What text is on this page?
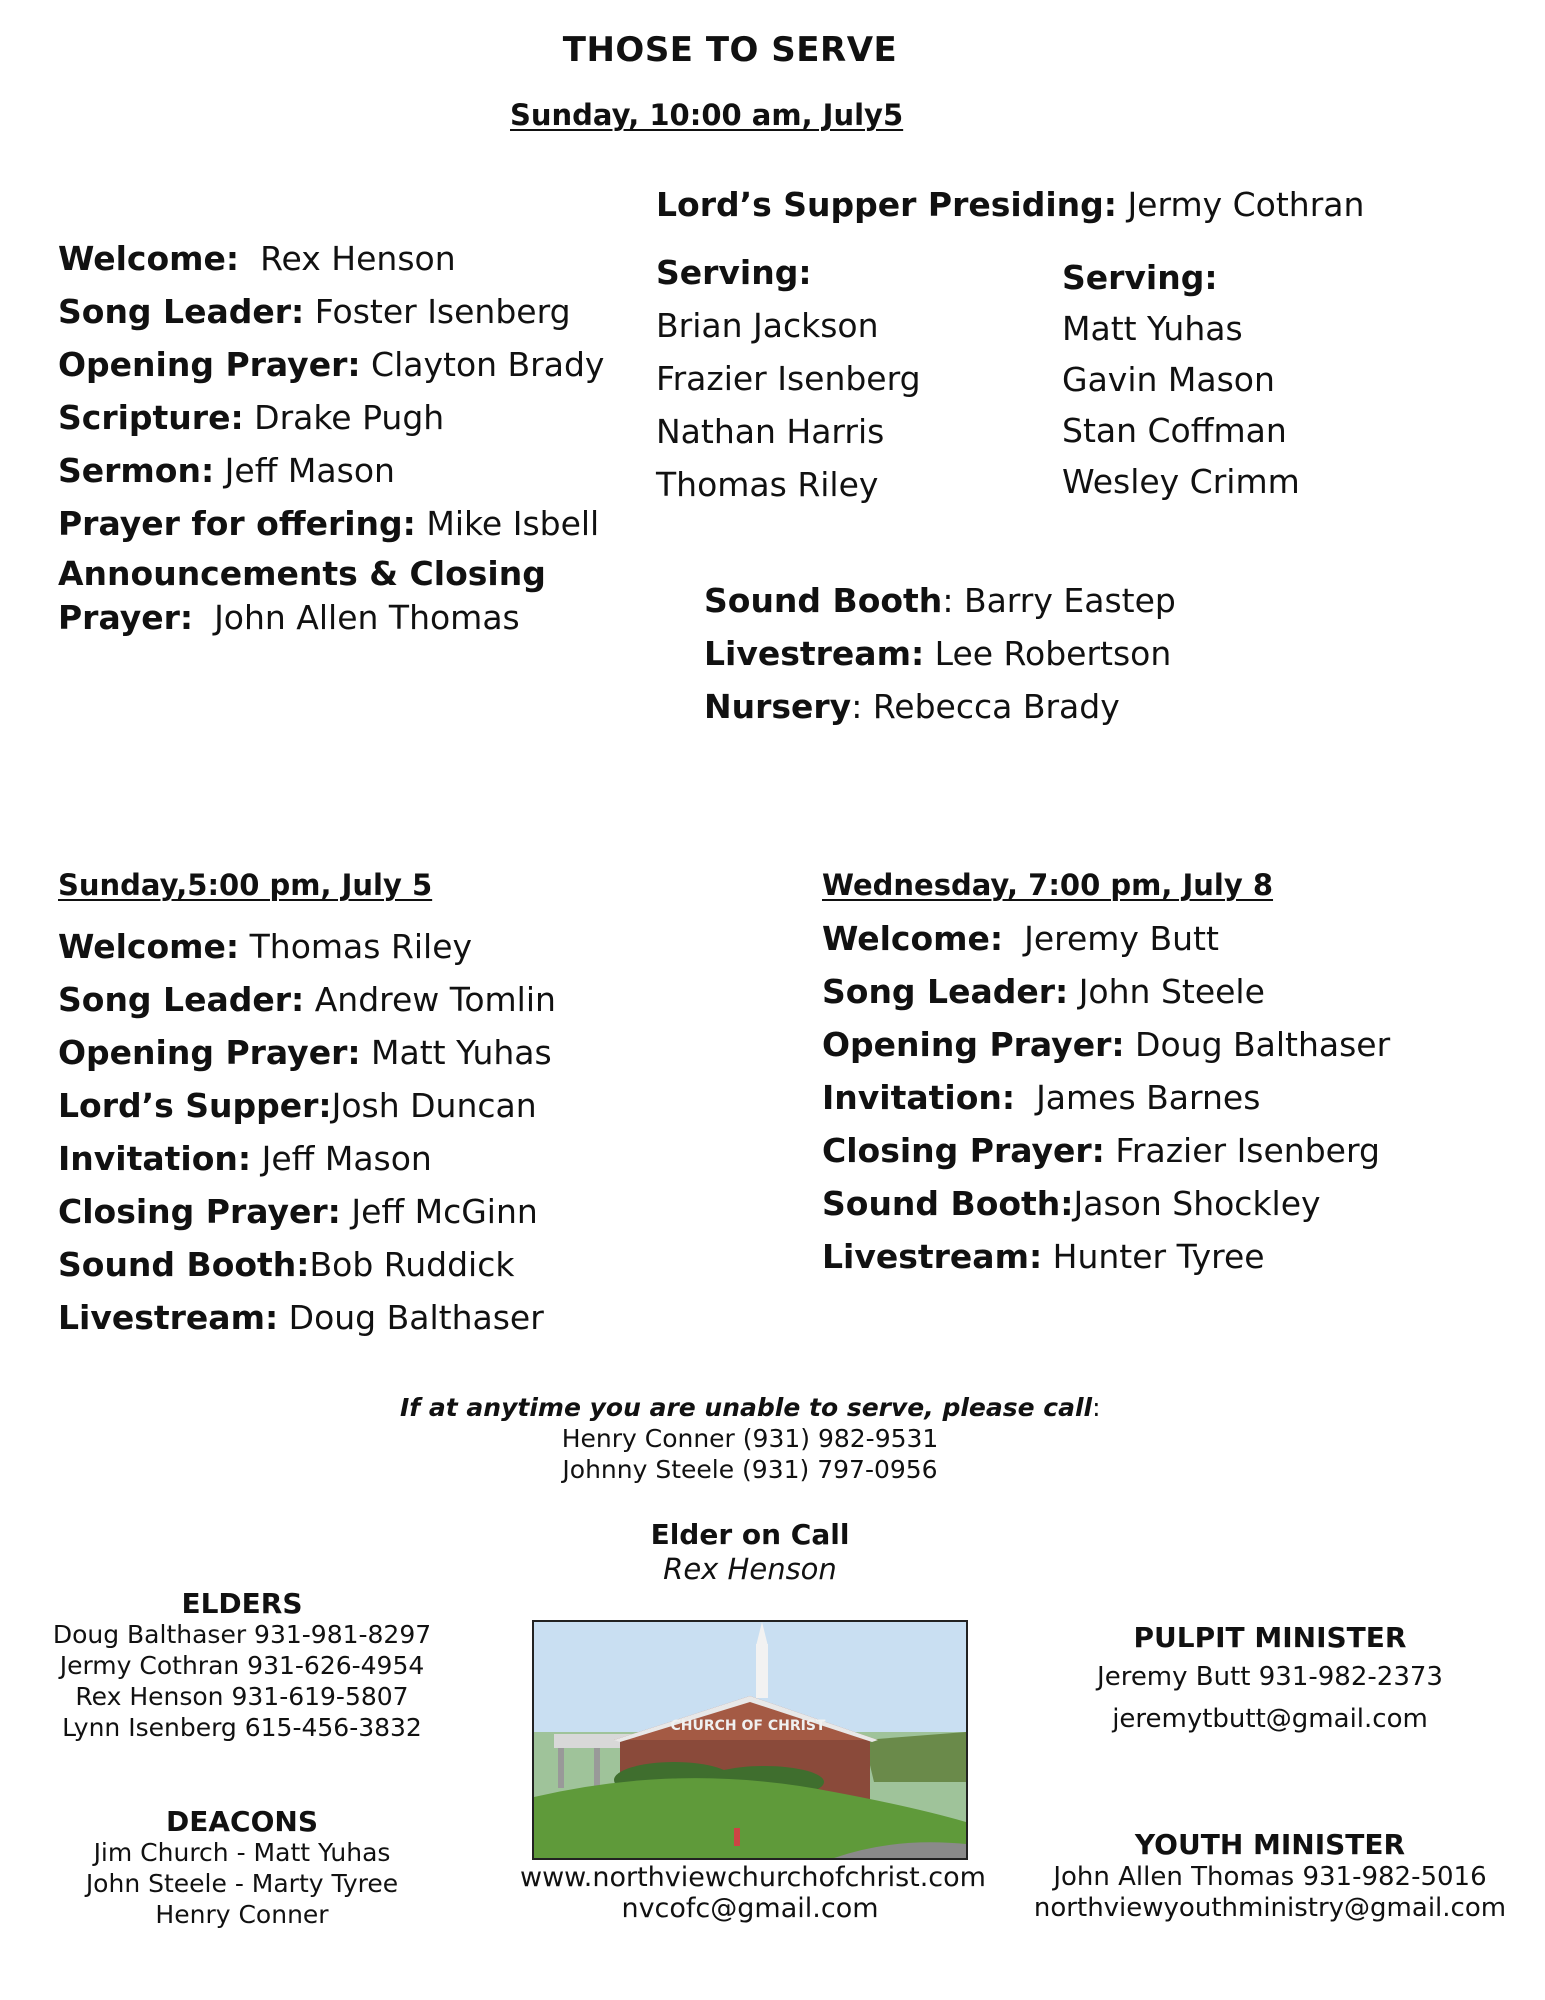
THOSE TO SERVE
Sunday, 10:00 am, July5
Welcome: Rex Henson
Song Leader: Foster Isenberg
Opening Prayer: Clayton Brady
Scripture: Drake Pugh
Sermon: Jeff Mason
Prayer for offering: Mike Isbell
Announcements & Closing
Prayer: John Allen Thomas
Lord’s Supper Presiding: Jermy Cothran
Serving:
Brian Jackson
Frazier Isenberg
Nathan Harris
Thomas Riley
Serving:
Matt Yuhas
Gavin Mason
Stan Coffman
Wesley Crimm
Sound Booth: Barry Eastep
Livestream: Lee Robertson
Nursery: Rebecca Brady
Sunday,5:00 pm, July 5
Welcome: Thomas Riley
Song Leader: Andrew Tomlin
Opening Prayer: Matt Yuhas
Lord’s Supper:Josh Duncan
Invitation: Jeff Mason
Closing Prayer: Jeff McGinn
Sound Booth:Bob Ruddick
Livestream: Doug Balthaser
Wednesday, 7:00 pm, July 8
Welcome: Jeremy Butt
Song Leader: John Steele
Opening Prayer: Doug Balthaser
Invitation: James Barnes
Closing Prayer: Frazier Isenberg
Sound Booth:Jason Shockley
Livestream: Hunter Tyree
If at anytime you are unable to serve, please call:
Henry Conner (931) 982-9531
Johnny Steele (931) 797-0956
Elder on Call
Rex Henson
ELDERS
Doug Balthaser 931-981-8297
Jermy Cothran 931-626-4954
Rex Henson 931-619-5807
Lynn Isenberg 615-456-3832
DEACONS
Jim Church - Matt Yuhas
John Steele - Marty Tyree
Henry Conner
CHURCH OF CHRIST
www.northviewchurchofchrist.com
nvcofc@gmail.com
PULPIT MINISTER
Jeremy Butt 931-982-2373
jeremytbutt@gmail.com
YOUTH MINISTER
John Allen Thomas 931-982-5016
northviewyouthministry@gmail.com
